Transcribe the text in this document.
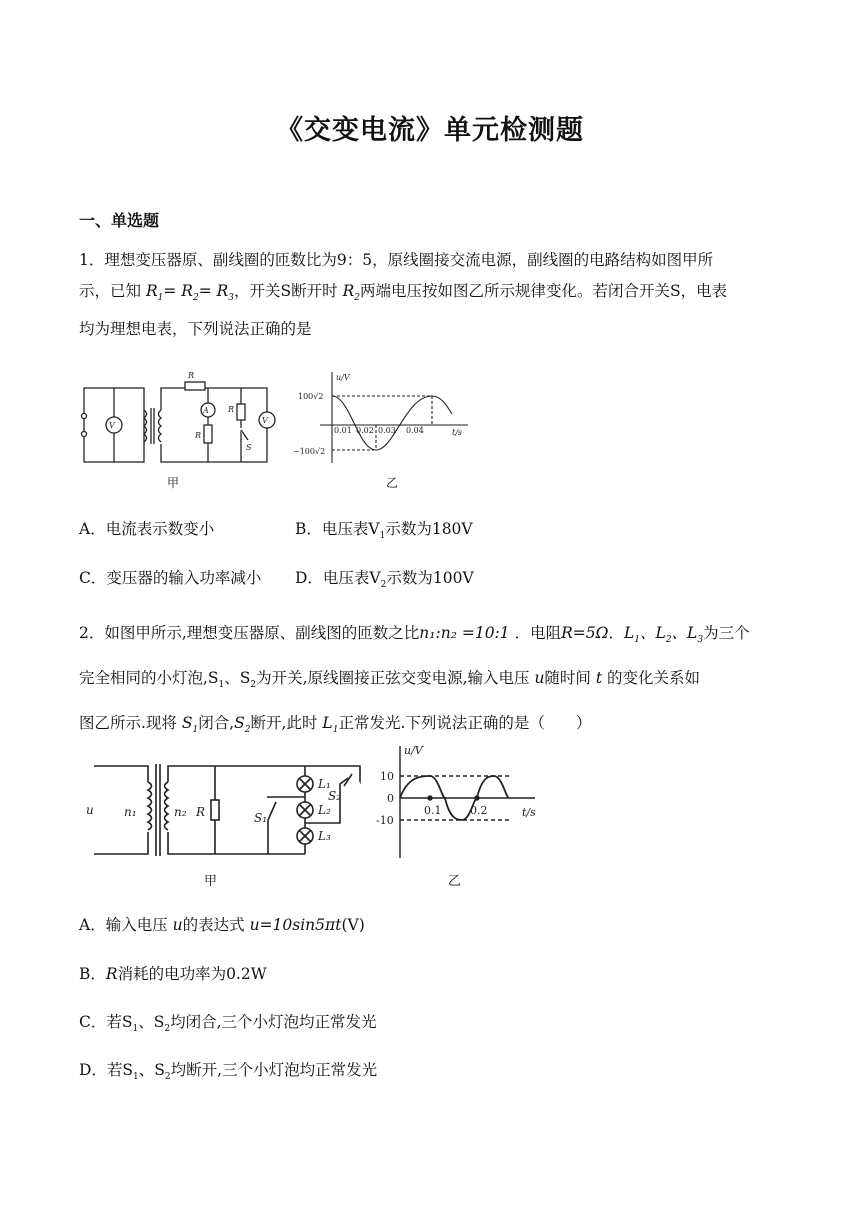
《交变电流》单元检测题
一、单选题
1．理想变压器原、副线圈的匝数比为9：5，原线圈接交流电源，副线圈的电路结构如图甲所
示，已知 $R_1= R_2= R_3$，开关S断开时 $R_2$两端电压按如图乙所示规律变化。若闭合开关S，电表
均为理想电表，下列说法正确的是
V
A
V
R
R
R
S
甲
u/V
100√2
−100√2
0.01 0.02 0.03 0.04	t/s
乙
A．电流表示数变小	B．电压表$V_1$示数为180V
C．变压器的输入功率减小 D．电压表$V_2$示数为100V
2．如图甲所示,理想变压器原、副线图的匝数之比n₁:n₂ =10:1 ．电阻R=5Ω．$L_1$、$L_2$、$L_3$为三个
完全相同的小灯泡$,S_1$、$S_2$为开关,原线圈接正弦交变电源,输入电压 u随时间 t 的变化关系如
图乙所示.现将 $S_1$闭合$,S_2$断开,此时 $L_1$正常发光.下列说法正确的是（　　）
u	n₁	n₂ R	S₁
L₁
L₂
L₃
S₂
甲
u/V
10
0
-10
0.1	0.2	t/s
乙
A．输入电压 u的表达式 u=10sin5πt(V)
B．R消耗的电功率为0.2W
C．若$S_1$、$S_2$均闭合,三个小灯泡均正常发光
D．若$S_1$、$S_2$均断开,三个小灯泡均正常发光
